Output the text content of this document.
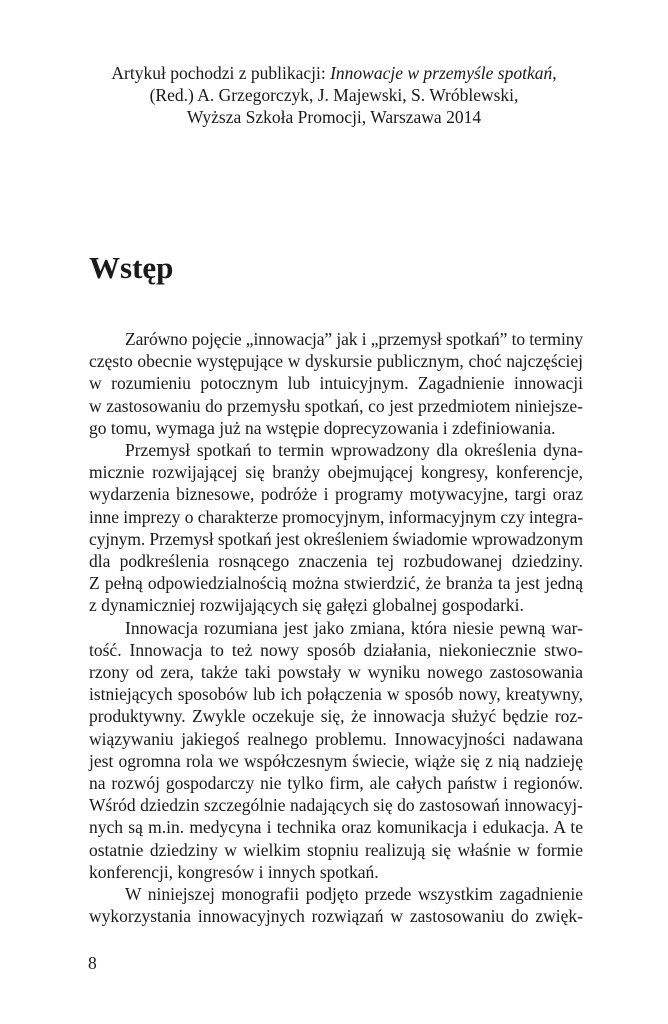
Artykuł pochodzi z publikacji: Innowacje w przemyśle spotkań,
(Red.) A. Grzegorczyk, J. Majewski, S. Wróblewski,
Wyższa Szkoła Promocji, Warszawa 2014
Wstęp

Zarówno pojęcie „innowacja” jak i „przemysł spotkań” to terminy
często obecnie występujące w dyskursie publicznym, choć najczęściej
w rozumieniu potocznym lub intuicyjnym. Zagadnienie innowacji
w zastosowaniu do przemysłu spotkań, co jest przedmiotem niniejsze-
go tomu, wymaga już na wstępie doprecyzowania i zdefiniowania.

Przemysł spotkań to termin wprowadzony dla określenia dyna-
micznie rozwijającej się branży obejmującej kongresy, konferencje,
wydarzenia biznesowe, podróże i programy motywacyjne, targi oraz
inne imprezy o charakterze promocyjnym, informacyjnym czy integra-
cyjnym. Przemysł spotkań jest określeniem świadomie wprowadzonym
dla podkreślenia rosnącego znaczenia tej rozbudowanej dziedziny.
Z pełną odpowiedzialnością można stwierdzić, że branża ta jest jedną
z dynamiczniej rozwijających się gałęzi globalnej gospodarki.

Innowacja rozumiana jest jako zmiana, która niesie pewną war-
tość. Innowacja to też nowy sposób działania, niekoniecznie stwo-
rzony od zera, także taki powstały w wyniku nowego zastosowania
istniejących sposobów lub ich połączenia w sposób nowy, kreatywny,
produktywny. Zwykle oczekuje się, że innowacja służyć będzie roz-
wiązywaniu jakiegoś realnego problemu. Innowacyjności nadawana
jest ogromna rola we współczesnym świecie, wiąże się z nią nadzieję
na rozwój gospodarczy nie tylko firm, ale całych państw i regionów.
Wśród dziedzin szczególnie nadających się do zastosowań innowacyj-
nych są m.in. medycyna i technika oraz komunikacja i edukacja. A te
ostatnie dziedziny w wielkim stopniu realizują się właśnie w formie
konferencji, kongresów i innych spotkań.

W niniejszej monografii podjęto przede wszystkim zagadnienie
wykorzystania innowacyjnych rozwiązań w zastosowaniu do zwięk-

8
